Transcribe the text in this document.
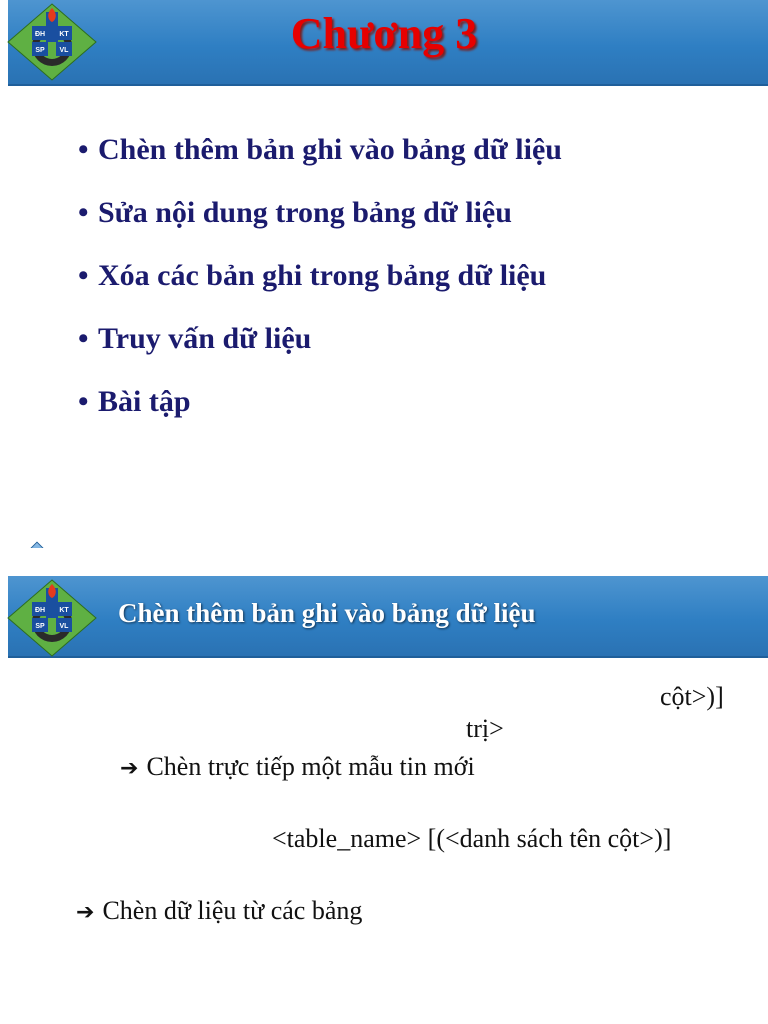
ĐH KT
SP VL	Chương 3
• Chèn thêm bản ghi vào bảng dữ liệu
• Sửa nội dung trong bảng dữ liệu
• Xóa các bản ghi trong bảng dữ liệu
• Truy vấn dữ liệu
• Bài tập
ĐH KT
SP VL Chèn thêm bản ghi vào bảng dữ liệu
cột>)]
trị>
➔ Chèn trực tiếp một mẫu tin mới
<table_name> [(<danh sách tên cột>)]
➔ Chèn dữ liệu từ các bảng
